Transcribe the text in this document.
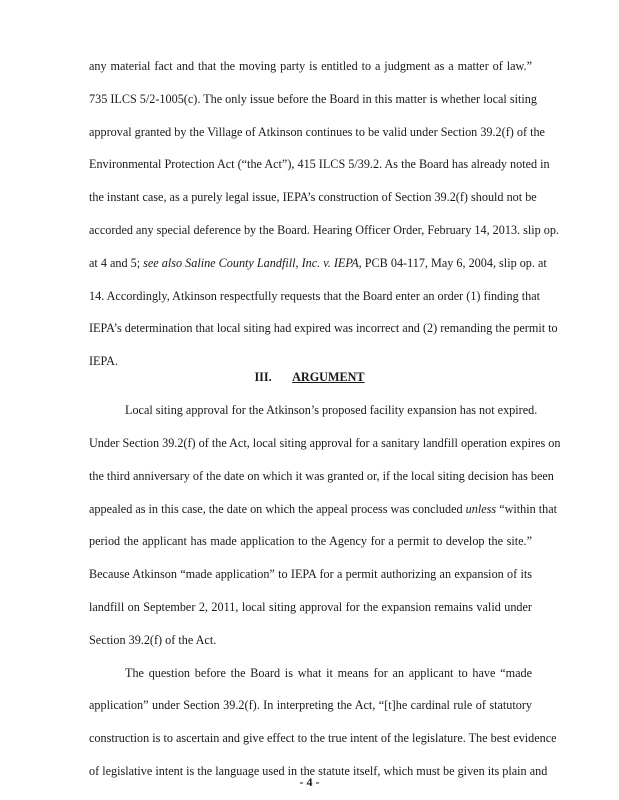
any material fact and that the moving party is entitled to a judgment as a matter of law.”
735 ILCS 5/2-1005(c). The only issue before the Board in this matter is whether local siting
approval granted by the Village of Atkinson continues to be valid under Section 39.2(f) of the
Environmental Protection Act (“the Act”), 415 ILCS 5/39.2. As the Board has already noted in
the instant case, as a purely legal issue, IEPA’s construction of Section 39.2(f) should not be
accorded any special deference by the Board. Hearing Officer Order, February 14, 2013. slip op.
at 4 and 5; see also Saline County Landfill, Inc. v. IEPA, PCB 04-117, May 6, 2004, slip op. at
14. Accordingly, Atkinson respectfully requests that the Board enter an order (1) finding that
IEPA’s determination that local siting had expired was incorrect and (2) remanding the permit to
IEPA.
III. ARGUMENT
Local siting approval for the Atkinson’s proposed facility expansion has not expired.
Under Section 39.2(f) of the Act, local siting approval for a sanitary landfill operation expires on
the third anniversary of the date on which it was granted or, if the local siting decision has been
appealed as in this case, the date on which the appeal process was concluded unless “within that
period the applicant has made application to the Agency for a permit to develop the site.”
Because Atkinson “made application” to IEPA for a permit authorizing an expansion of its
landfill on September 2, 2011, local siting approval for the expansion remains valid under
Section 39.2(f) of the Act.
The question before the Board is what it means for an applicant to have “made
application” under Section 39.2(f). In interpreting the Act, “[t]he cardinal rule of statutory
construction is to ascertain and give effect to the true intent of the legislature. The best evidence
of legislative intent is the language used in the statute itself, which must be given its plain and
- 4 -
